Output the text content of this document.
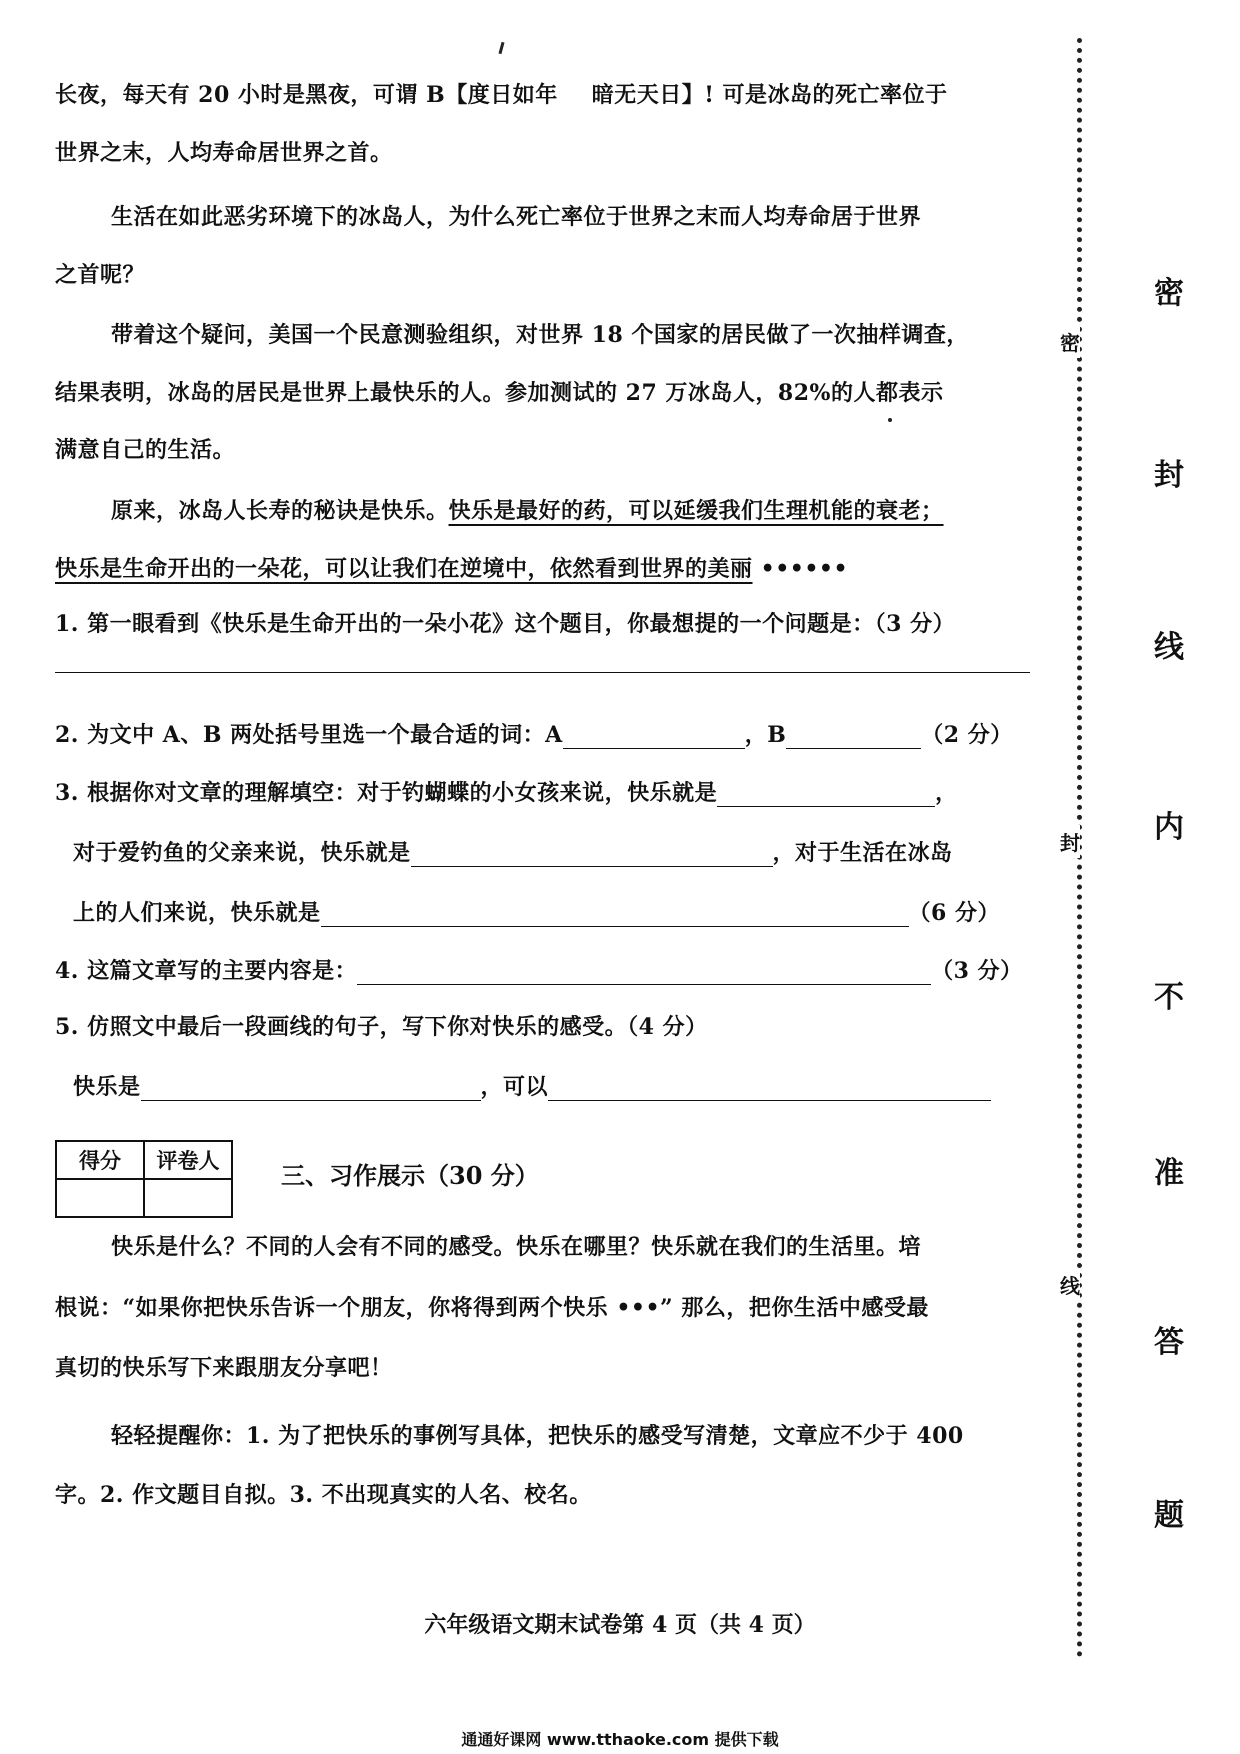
长夜，每天有 20 小时是黑夜，可谓 B【度日如年 暗无天日】! 可是冰岛的死亡率位于
世界之末，人均寿命居世界之首。
生活在如此恶劣环境下的冰岛人，为什么死亡率位于世界之末而人均寿命居于世界
之首呢？
带着这个疑问，美国一个民意测验组织，对世界 18 个国家的居民做了一次抽样调查，
结果表明，冰岛的居民是世界上最快乐的人。参加测试的 27 万冰岛人，82%的人都表示
满意自己的生活。
原来，冰岛人长寿的秘诀是快乐。快乐是最好的药，可以延缓我们生理机能的衰老；
快乐是生命开出的一朵花，可以让我们在逆境中，依然看到世界的美丽 ••••••
1. 第一眼看到《快乐是生命开出的一朵小花》这个题目，你最想提的一个问题是：（3 分）
2. 为文中 A、B 两处括号里选一个最合适的词：A	，B	（2 分）
3. 根据你对文章的理解填空：对于钓蝴蝶的小女孩来说，快乐就是	，
对于爱钓鱼的父亲来说，快乐就是	，对于生活在冰岛
上的人们来说，快乐就是	（6 分）
4. 这篇文章写的主要内容是：	（3 分）
5. 仿照文中最后一段画线的句子，写下你对快乐的感受。（4 分）
快乐是	，可以
得分	评卷人

三、习作展示（30 分）
快乐是什么？不同的人会有不同的感受。快乐在哪里？快乐就在我们的生活里。培
根说：“如果你把快乐告诉一个朋友，你将得到两个快乐 •••” 那么，把你生活中感受最
真切的快乐写下来跟朋友分享吧！
轻轻提醒你：1. 为了把快乐的事例写具体，把快乐的感受写清楚，文章应不少于 400
字。2. 作文题目自拟。3. 不出现真实的人名、校名。
六年级语文期末试卷第 4 页（共 4 页）
通通好课网 www.tthaoke.com 提供下载
密
封
线
密
封
线
内
不
准
答
题
